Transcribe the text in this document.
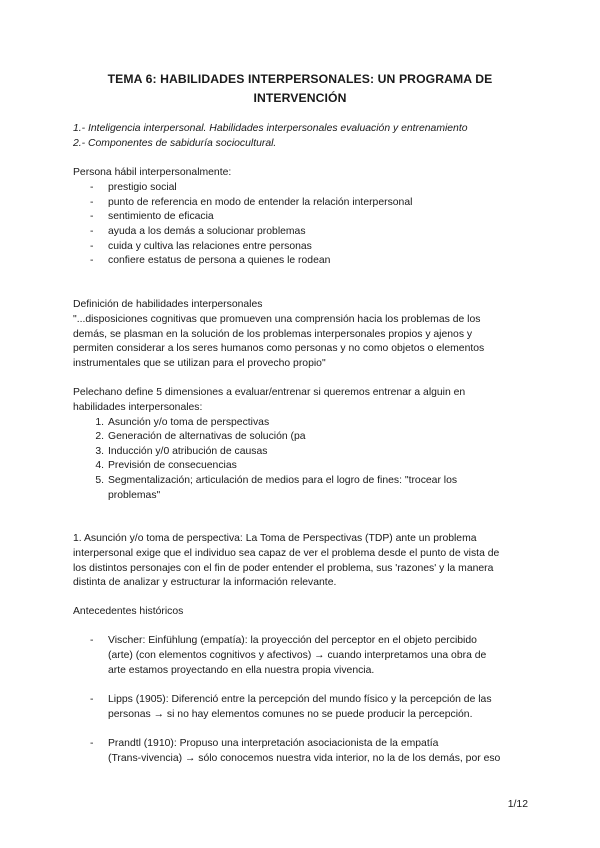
TEMA 6: HABILIDADES INTERPERSONALES: UN PROGRAMA DE
INTERVENCIÓN
1.- Inteligencia interpersonal. Habilidades interpersonales evaluación y entrenamiento
2.- Componentes de sabiduría sociocultural.
Persona hábil interpersonalmente:
- prestigio social
- punto de referencia en modo de entender la relación interpersonal
- sentimiento de eficacia
- ayuda a los demás a solucionar problemas
- cuida y cultiva las relaciones entre personas
- confiere estatus de persona a quienes le rodean
Definición de habilidades interpersonales
"...disposiciones cognitivas que promueven una comprensión hacia los problemas de los
demás, se plasman en la solución de los problemas interpersonales propios y ajenos y
permiten considerar a los seres humanos como personas y no como objetos o elementos
instrumentales que se utilizan para el provecho propio"
Pelechano define 5 dimensiones a evaluar/entrenar si queremos entrenar a alguin en
habilidades interpersonales:
1. Asunción y/o toma de perspectivas
2. Generación de alternativas de solución (pa
3. Inducción y/0 atribución de causas
4. Previsión de consecuencias
5. Segmentalización; articulación de medios para el logro de fines: "trocear los
problemas"
1. Asunción y/o toma de perspectiva: La Toma de Perspectivas (TDP) ante un problema
interpersonal exige que el individuo sea capaz de ver el problema desde el punto de vista de
los distintos personajes con el fin de poder entender el problema, sus 'razones' y la manera
distinta de analizar y estructurar la información relevante.
Antecedentes históricos
- Vischer: Einfühlung (empatía): la proyección del perceptor en el objeto percibido
(arte) (con elementos cognitivos y afectivos) → cuando interpretamos una obra de
arte estamos proyectando en ella nuestra propia vivencia.
- Lipps (1905): Diferenció entre la percepción del mundo físico y la percepción de las
personas → si no hay elementos comunes no se puede producir la percepción.
- Prandtl (1910): Propuso una interpretación asociacionista de la empatía
(Trans-vivencia) → sólo conocemos nuestra vida interior, no la de los demás, por eso
1/12
